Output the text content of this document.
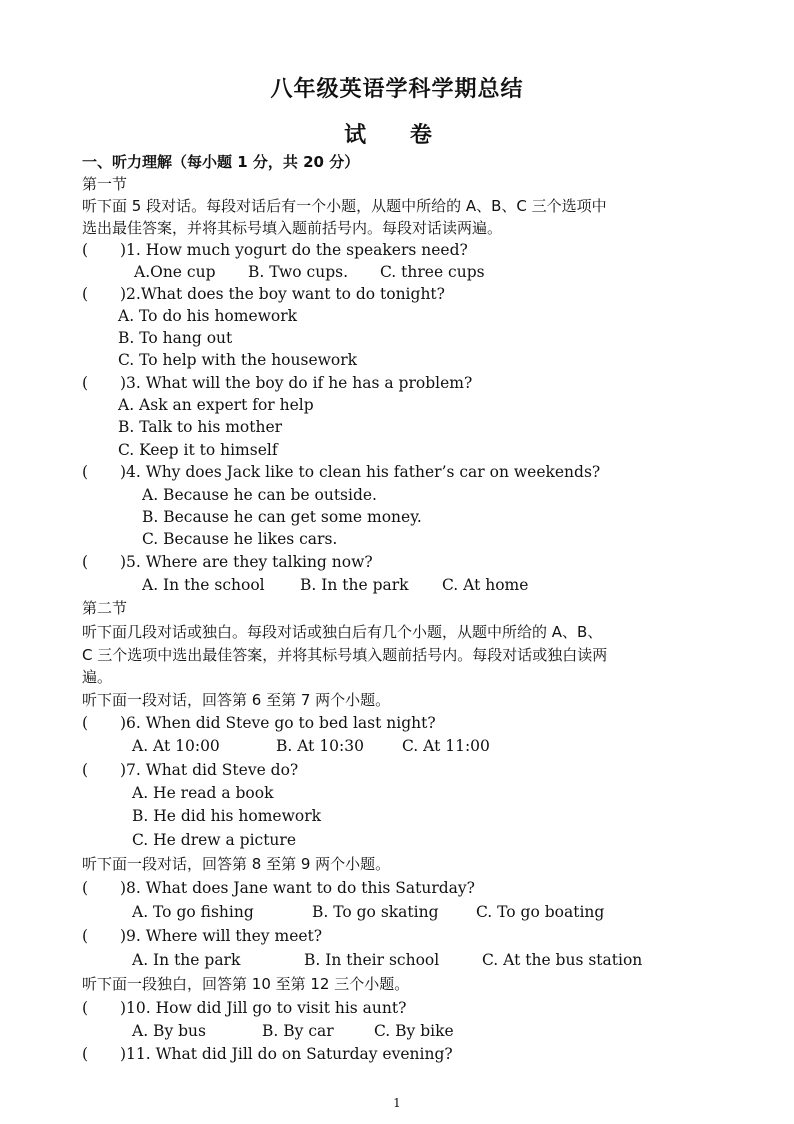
八年级英语学科学期总结
试 卷
一、听力理解（每小题 1 分，共 20 分）
第一节
听下面 5 段对话。每段对话后有一个小题，从题中所给的 A、B、C 三个选项中
选出最佳答案，并将其标号填入题前括号内。每段对话读两遍。
( )1. How much yogurt do the speakers need?
A.One cup B. Two cups. C. three cups
( )2.What does the boy want to do tonight?
A. To do his homework
B. To hang out
C. To help with the housework
( )3. What will the boy do if he has a problem?
A. Ask an expert for help
B. Talk to his mother
C. Keep it to himself
( )4. Why does Jack like to clean his father’s car on weekends?
A. Because he can be outside.
B. Because he can get some money.
C. Because he likes cars.
( )5. Where are they talking now?
A. In the school B. In the park C. At home
第二节
听下面几段对话或独白。每段对话或独白后有几个小题，从题中所给的 A、B、
C 三个选项中选出最佳答案，并将其标号填入题前括号内。每段对话或独白读两
遍。
听下面一段对话，回答第 6 至第 7 两个小题。
( )6. When did Steve go to bed last night?
A. At 10:00	B. At 10:30 C. At 11:00
( )7. What did Steve do?
A. He read a book
B. He did his homework
C. He drew a picture
听下面一段对话，回答第 8 至第 9 两个小题。
( )8. What does Jane want to do this Saturday?
A. To go fishing	B. To go skating C. To go boating
( )9. Where will they meet?
A. In the park	B. In their school	C. At the bus station
听下面一段独白，回答第 10 至第 12 三个小题。
( )10. How did Jill go to visit his aunt?
A. By bus	B. By car	C. By bike
( )11. What did Jill do on Saturday evening?
1
